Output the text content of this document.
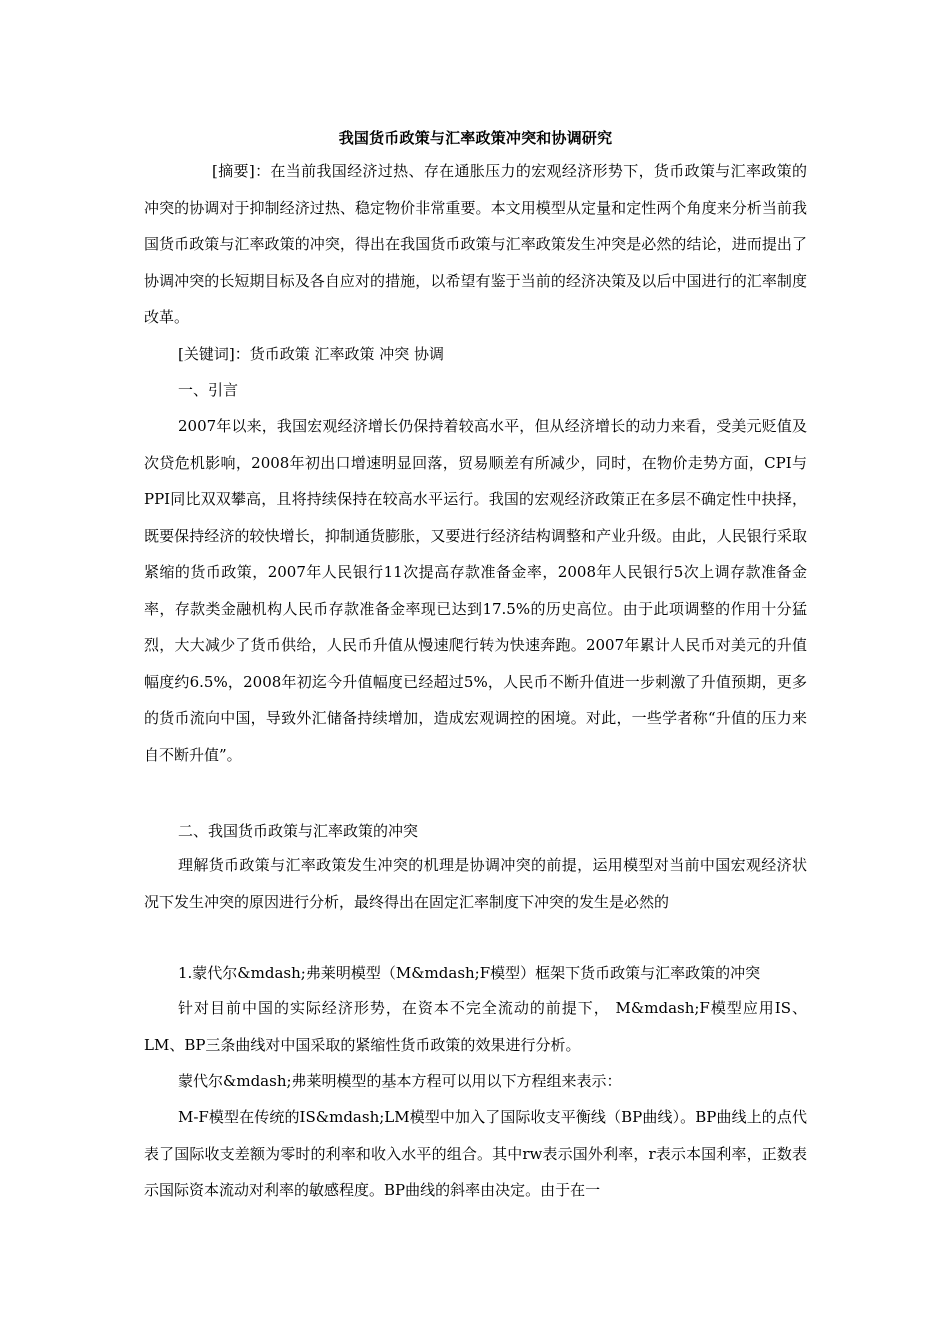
我国货币政策与汇率政策冲突和协调研究

[摘要]：在当前我国经济过热、存在通胀压力的宏观经济形势下，货币政策与汇率政策的冲突的协调对于抑制经济过热、稳定物价非常重要。本文用模型从定量和定性两个角度来分析当前我国货币政策与汇率政策的冲突，得出在我国货币政策与汇率政策发生冲突是必然的结论，进而提出了协调冲突的长短期目标及各自应对的措施，以希望有鉴于当前的经济决策及以后中国进行的汇率制度改革。

[关键词]：货币政策 汇率政策 冲突 协调

一、引言

2007年以来，我国宏观经济增长仍保持着较高水平，但从经济增长的动力来看，受美元贬值及次贷危机影响，2008年初出口增速明显回落，贸易顺差有所减少，同时，在物价走势方面，CPI与PPI同比双双攀高，且将持续保持在较高水平运行。我国的宏观经济政策正在多层不确定性中抉择，既要保持经济的较快增长，抑制通货膨胀，又要进行经济结构调整和产业升级。由此，人民银行采取紧缩的货币政策，2007年人民银行11次提高存款准备金率，2008年人民银行5次上调存款准备金率，存款类金融机构人民币存款准备金率现已达到17.5%的历史高位。由于此项调整的作用十分猛烈，大大减少了货币供给，人民币升值从慢速爬行转为快速奔跑。2007年累计人民币对美元的升值幅度约6.5%，2008年初迄今升值幅度已经超过5%，人民币不断升值进一步刺激了升值预期，更多的货币流向中国，导致外汇储备持续增加，造成宏观调控的困境。对此，一些学者称“升值的压力来自不断升值”。

二、我国货币政策与汇率政策的冲突

理解货币政策与汇率政策发生冲突的机理是协调冲突的前提，运用模型对当前中国宏观经济状况下发生冲突的原因进行分析，最终得出在固定汇率制度下冲突的发生是必然的

1.蒙代尔&mdash;弗莱明模型（M&mdash;F模型）框架下货币政策与汇率政策的冲突

针对目前中国的实际经济形势，在资本不完全流动的前提下， M&mdash;F模型应用IS、LM、BP三条曲线对中国采取的紧缩性货币政策的效果进行分析。

蒙代尔&mdash;弗莱明模型的基本方程可以用以下方程组来表示：

M-F模型在传统的IS&mdash;LM模型中加入了国际收支平衡线（BP曲线）。BP曲线上的点代表了国际收支差额为零时的利率和收入水平的组合。其中rw表示国外利率，r表示本国利率，正数表示国际资本流动对利率的敏感程度。BP曲线的斜率由决定。由于在一
